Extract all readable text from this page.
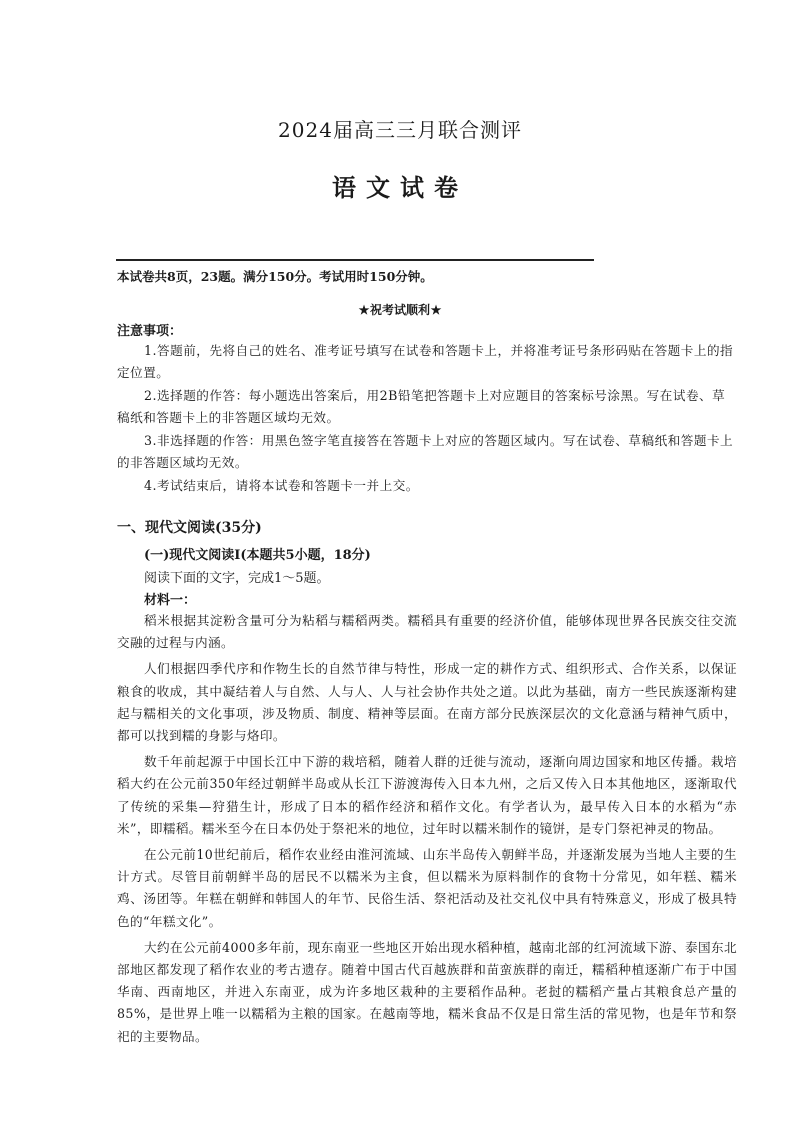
2024届高三三月联合测评
语文试卷
本试卷共8页，23题。满分150分。考试用时150分钟。
★祝考试顺利★
注意事项：

1.答题前，先将自己的姓名、准考证号填写在试卷和答题卡上，并将准考证号条形码贴在答题卡上的指定位置。

2.选择题的作答：每小题选出答案后，用2B铅笔把答题卡上对应题目的答案标号涂黑。写在试卷、草稿纸和答题卡上的非答题区域均无效。

3.非选择题的作答：用黑色签字笔直接答在答题卡上对应的答题区域内。写在试卷、草稿纸和答题卡上的非答题区域均无效。

4.考试结束后，请将本试卷和答题卡一并上交。

一、现代文阅读(35分)
(一)现代文阅读Ⅰ(本题共5小题，18分)
阅读下面的文字，完成1～5题。
材料一：

稻米根据其淀粉含量可分为粘稻与糯稻两类。糯稻具有重要的经济价值，能够体现世界各民族交往交流交融的过程与内涵。

人们根据四季代序和作物生长的自然节律与特性，形成一定的耕作方式、组织形式、合作关系，以保证粮食的收成，其中凝结着人与自然、人与人、人与社会协作共处之道。以此为基础，南方一些民族逐渐构建起与糯相关的文化事项，涉及物质、制度、精神等层面。在南方部分民族深层次的文化意涵与精神气质中，都可以找到糯的身影与烙印。

数千年前起源于中国长江中下游的栽培稻，随着人群的迁徙与流动，逐渐向周边国家和地区传播。栽培稻大约在公元前350年经过朝鲜半岛或从长江下游渡海传入日本九州，之后又传入日本其他地区，逐渐取代了传统的采集—狩猎生计，形成了日本的稻作经济和稻作文化。有学者认为，最早传入日本的水稻为“赤米”，即糯稻。糯米至今在日本仍处于祭祀米的地位，过年时以糯米制作的镜饼，是专门祭祀神灵的物品。

在公元前10世纪前后，稻作农业经由淮河流域、山东半岛传入朝鲜半岛，并逐渐发展为当地人主要的生计方式。尽管目前朝鲜半岛的居民不以糯米为主食，但以糯米为原料制作的食物十分常见，如年糕、糯米鸡、汤团等。年糕在朝鲜和韩国人的年节、民俗生活、祭祀活动及社交礼仪中具有特殊意义，形成了极具特色的“年糕文化”。

大约在公元前4000多年前，现东南亚一些地区开始出现水稻种植，越南北部的红河流域下游、泰国东北部地区都发现了稻作农业的考古遗存。随着中国古代百越族群和苗蛮族群的南迁，糯稻种植逐渐广布于中国华南、西南地区，并进入东南亚，成为许多地区栽种的主要稻作品种。老挝的糯稻产量占其粮食总产量的85%，是世界上唯一以糯稻为主粮的国家。在越南等地，糯米食品不仅是日常生活的常见物，也是年节和祭祀的主要物品。
